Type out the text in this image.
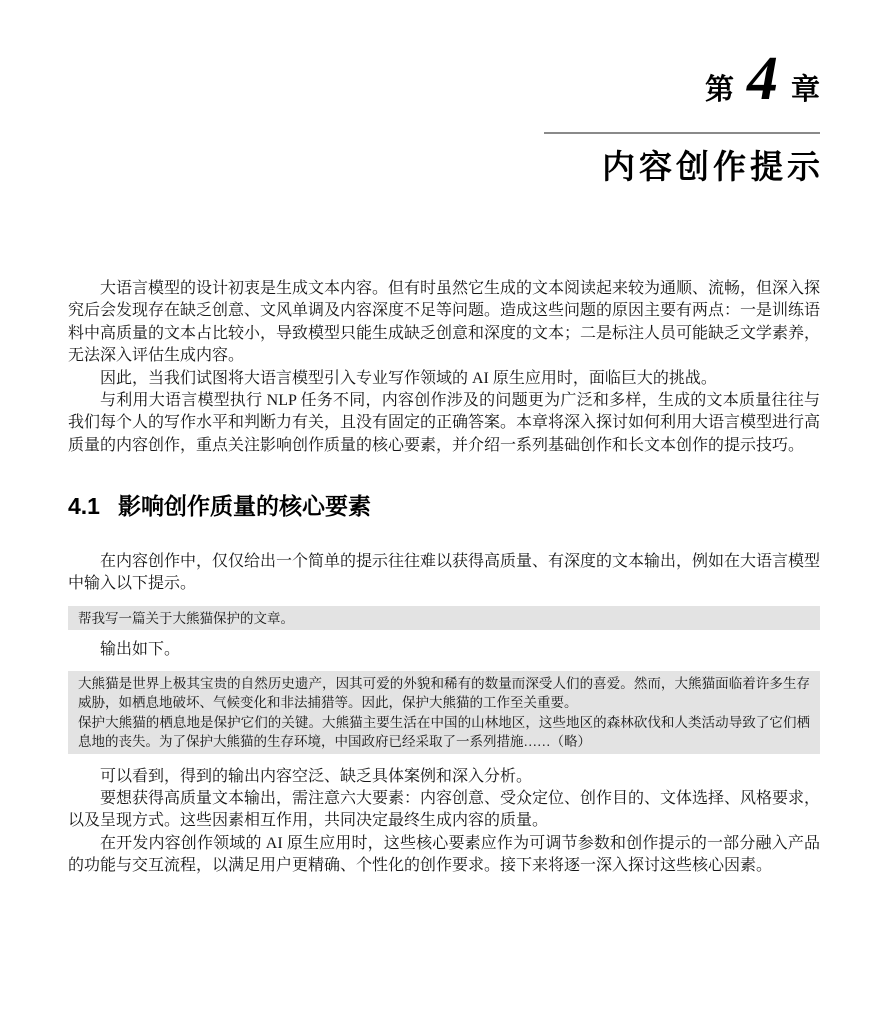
第 4 章
内容创作提示

大语言模型的设计初衷是生成文本内容。但有时虽然它生成的文本阅读起来较为通顺、流畅，但深入探究后会发现存在缺乏创意、文风单调及内容深度不足等问题。造成这些问题的原因主要有两点：一是训练语料中高质量的文本占比较小，导致模型只能生成缺乏创意和深度的文本；二是标注人员可能缺乏文学素养，无法深入评估生成内容。

因此，当我们试图将大语言模型引入专业写作领域的 AI 原生应用时，面临巨大的挑战。

与利用大语言模型执行 NLP 任务不同，内容创作涉及的问题更为广泛和多样，生成的文本质量往往与我们每个人的写作水平和判断力有关，且没有固定的正确答案。本章将深入探讨如何利用大语言模型进行高质量的内容创作，重点关注影响创作质量的核心要素，并介绍一系列基础创作和长文本创作的提示技巧。

4.1 影响创作质量的核心要素

在内容创作中，仅仅给出一个简单的提示往往难以获得高质量、有深度的文本输出，例如在大语言模型中输入以下提示。

帮我写一篇关于大熊猫保护的文章。

输出如下。

大熊猫是世界上极其宝贵的自然历史遗产，因其可爱的外貌和稀有的数量而深受人们的喜爱。然而，大熊猫面临着许多生存威胁，如栖息地破坏、气候变化和非法捕猎等。因此，保护大熊猫的工作至关重要。

保护大熊猫的栖息地是保护它们的关键。大熊猫主要生活在中国的山林地区，这些地区的森林砍伐和人类活动导致了它们栖息地的丧失。为了保护大熊猫的生存环境，中国政府已经采取了一系列措施……（略）

可以看到，得到的输出内容空泛、缺乏具体案例和深入分析。

要想获得高质量文本输出，需注意六大要素：内容创意、受众定位、创作目的、文体选择、风格要求，以及呈现方式。这些因素相互作用，共同决定最终生成内容的质量。

在开发内容创作领域的 AI 原生应用时，这些核心要素应作为可调节参数和创作提示的一部分融入产品的功能与交互流程，以满足用户更精确、个性化的创作要求。接下来将逐一深入探讨这些核心因素。
